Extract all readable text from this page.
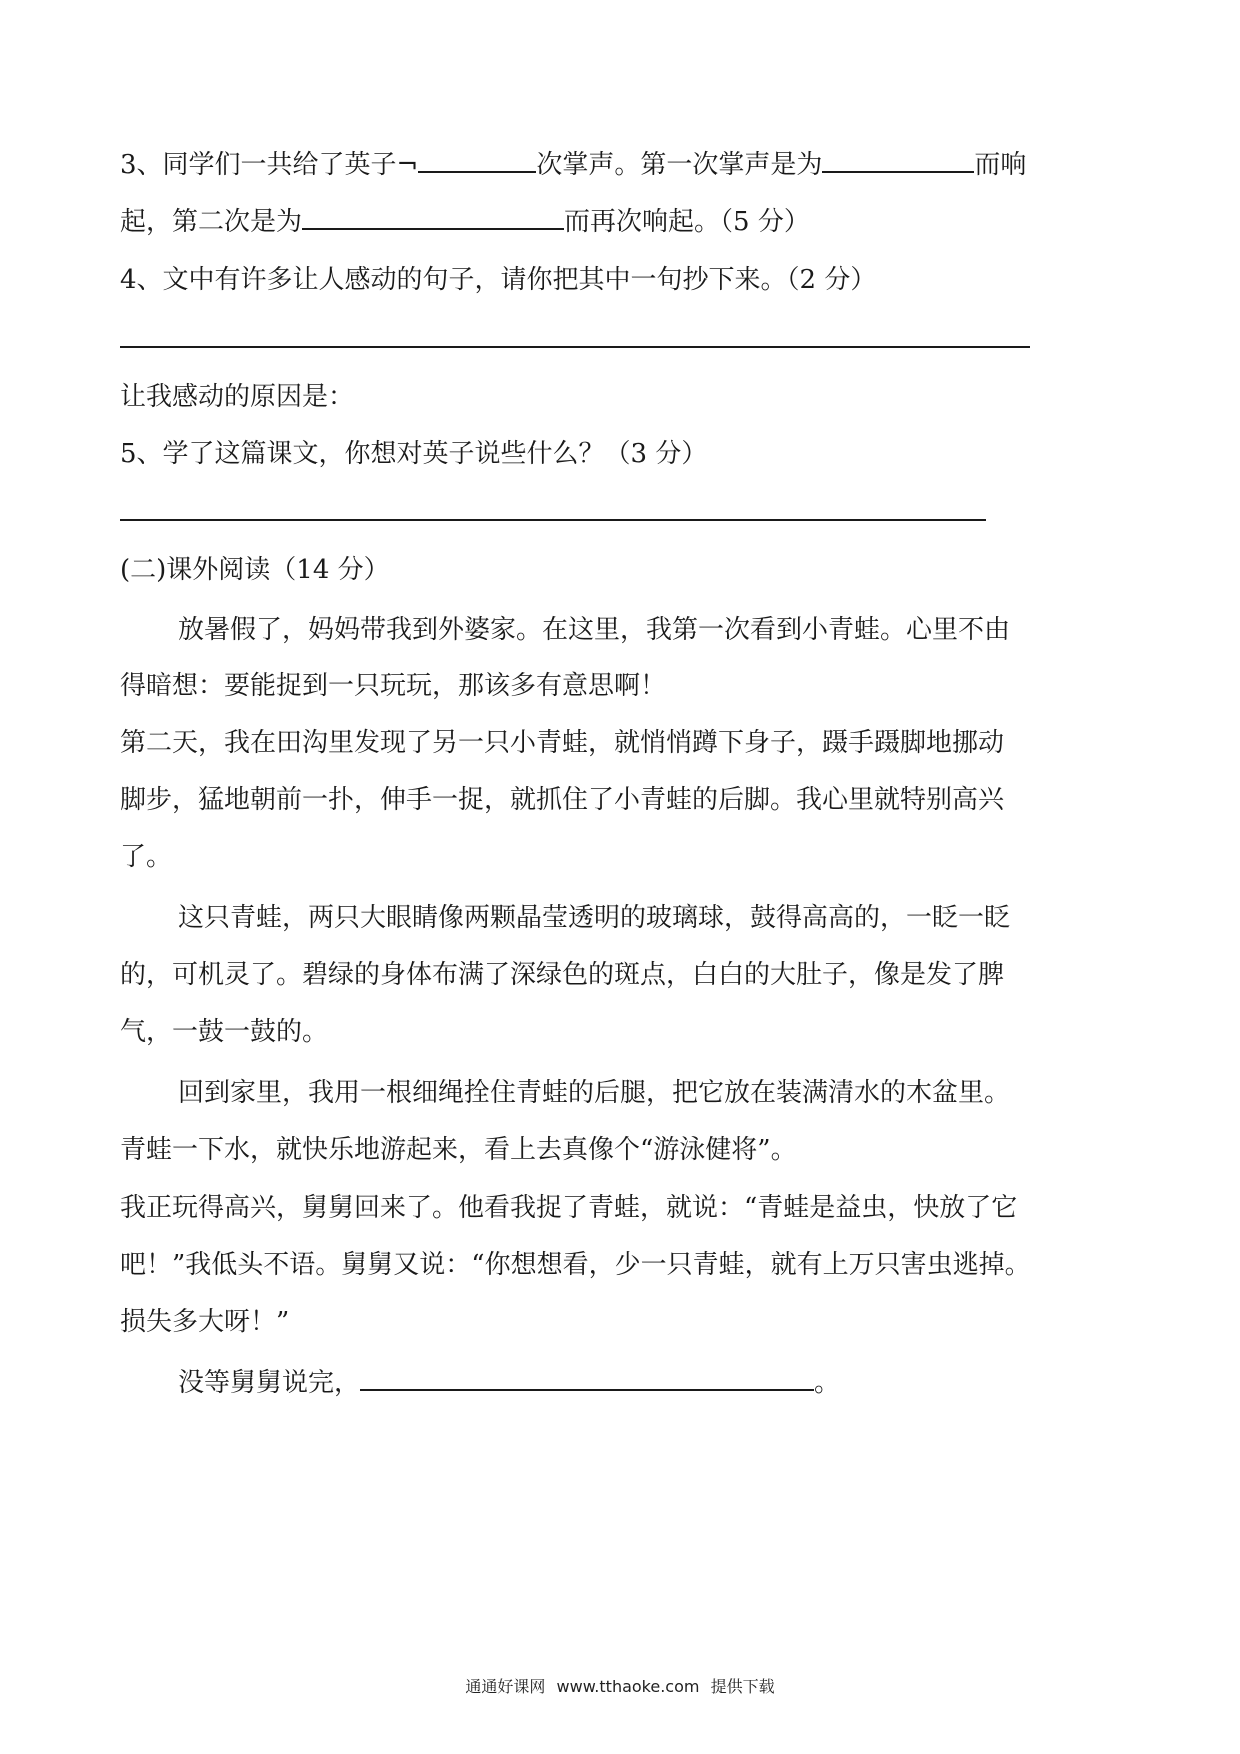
3、同学们一共给了英子¬	次掌声。第一次掌声是为	而响
起，第二次是为	而再次响起。（5 分）
4、文中有许多让人感动的句子，请你把其中一句抄下来。（2 分）
让我感动的原因是：
5、学了这篇课文，你想对英子说些什么？（3 分）
(二)课外阅读（14 分）
放暑假了，妈妈带我到外婆家。在这里，我第一次看到小青蛙。心里不由
得暗想：要能捉到一只玩玩，那该多有意思啊！
第二天，我在田沟里发现了另一只小青蛙，就悄悄蹲下身子，蹑手蹑脚地挪动
脚步，猛地朝前一扑，伸手一捉，就抓住了小青蛙的后脚。我心里就特别高兴
了。
这只青蛙，两只大眼睛像两颗晶莹透明的玻璃球，鼓得高高的，一眨一眨
的，可机灵了。碧绿的身体布满了深绿色的斑点，白白的大肚子，像是发了脾
气，一鼓一鼓的。
回到家里，我用一根细绳拴住青蛙的后腿，把它放在装满清水的木盆里。
青蛙一下水，就快乐地游起来，看上去真像个“游泳健将”。
我正玩得高兴，舅舅回来了。他看我捉了青蛙，就说：“青蛙是益虫，快放了它
吧！”我低头不语。舅舅又说：“你想想看，少一只青蛙，就有上万只害虫逃掉。
损失多大呀！”
没等舅舅说完，	。
通通好课网 www.tthaoke.com 提供下载
